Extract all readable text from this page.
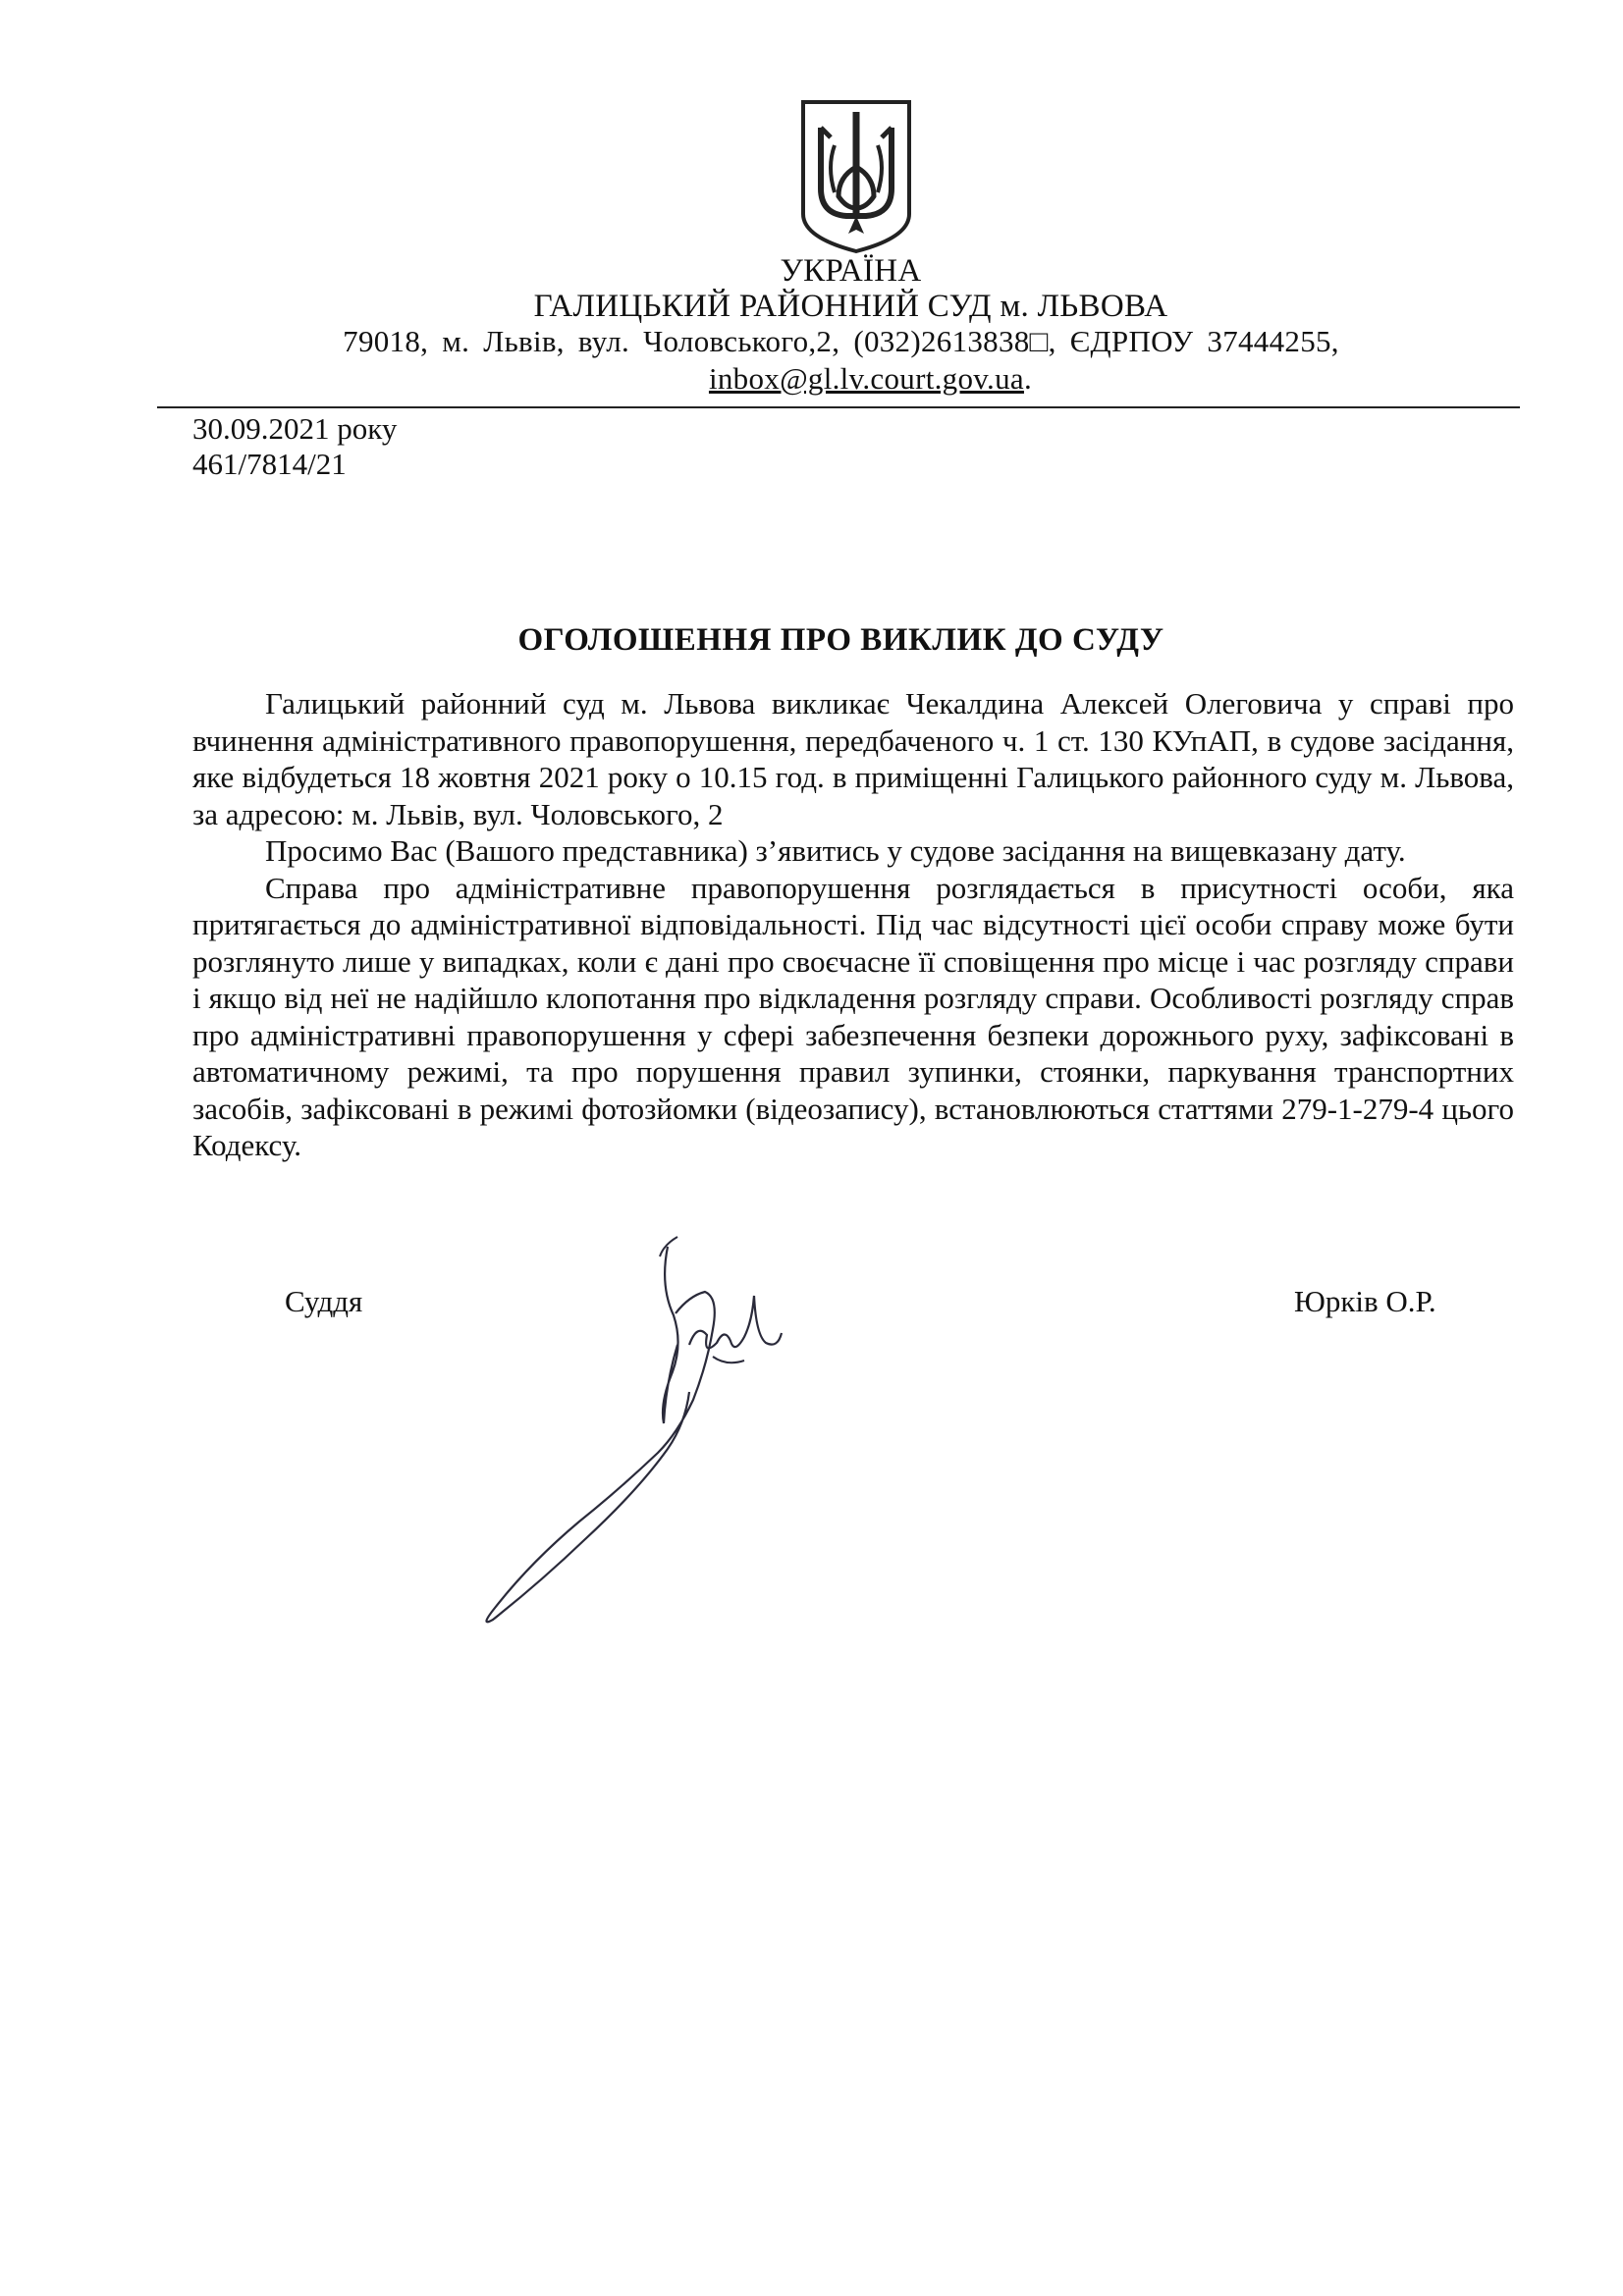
УКРАЇНА
ГАЛИЦЬКИЙ РАЙОННИЙ СУД м. ЛЬВОВА
79018, м. Львів, вул. Чоловського,2, (032)2613838□, ЄДРПОУ 37444255,
inbox@gl.lv.court.gov.ua.
30.09.2021 року
461/7814/21
ОГОЛОШЕННЯ ПРО ВИКЛИК ДО СУДУ

Галицький районний суд м. Львова викликає Чекалдина Алексей Олеговича у справі про вчинення адміністративного правопорушення, передбаченого ч. 1 ст. 130 КУпАП, в судове засідання, яке відбудеться 18 жовтня 2021 року о 10.15 год. в приміщенні Галицького районного суду м. Львова, за адресою: м. Львів, вул. Чоловського, 2

Просимо Вас (Вашого представника) з’явитись у судове засідання на вищевказану дату.

Справа про адміністративне правопорушення розглядається в присутності особи, яка притягається до адміністративної відповідальності. Під час відсутності цієї особи справу може бути розглянуто лише у випадках, коли є дані про своєчасне її сповіщення про місце і час розгляду справи і якщо від неї не надійшло клопотання про відкладення розгляду справи. Особливості розгляду справ про адміністративні правопорушення у сфері забезпечення безпеки дорожнього руху, зафіксовані в автоматичному режимі, та про порушення правил зупинки, стоянки, паркування транспортних засобів, зафіксовані в режимі фотозйомки (відеозапису), встановлюються статтями 279-1-279-4 цього Кодексу.

Суддя	Юрків О.Р.
